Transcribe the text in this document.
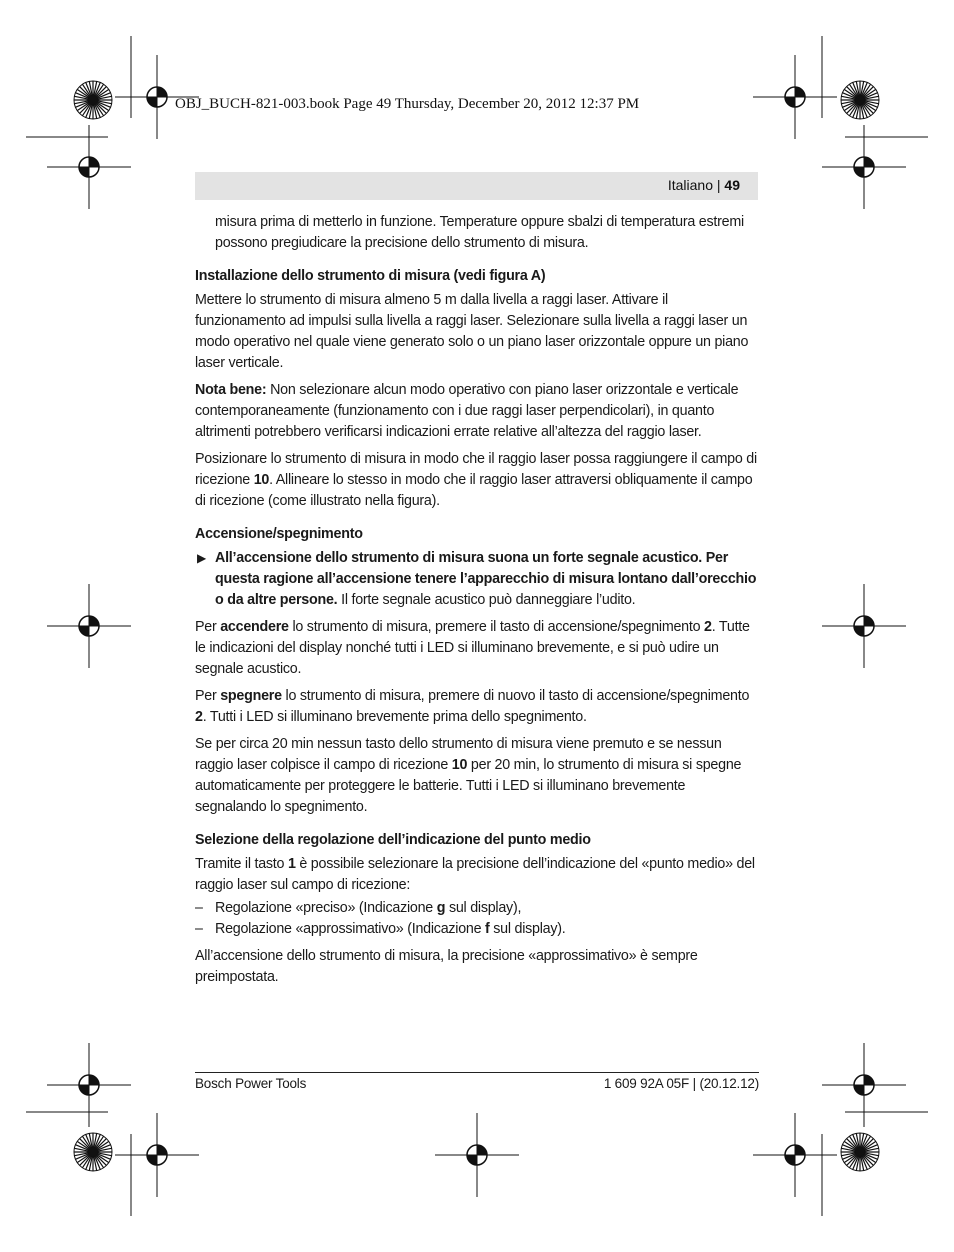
OBJ_BUCH-821-003.book Page 49 Thursday, December 20, 2012 12:37 PM
Italiano | 49

misura prima di metterlo in funzione. Temperature oppure sbalzi di temperatura estremi possono pregiudicare la precisione dello strumento di misura.

Installazione dello strumento di misura (vedi figura A)

Mettere lo strumento di misura almeno 5 m dalla livella a raggi laser. Attivare il funzionamento ad impulsi sulla livella a raggi laser. Selezionare sulla livella a raggi laser un modo operativo nel quale viene generato solo o un piano laser orizzontale oppure un piano laser verticale.

Nota bene: Non selezionare alcun modo operativo con piano laser orizzontale e verticale contemporaneamente (funzionamento con i due raggi laser perpendicolari), in quanto altrimenti potrebbero verificarsi indicazioni errate relative all’altezza del raggio laser.

Posizionare lo strumento di misura in modo che il raggio laser possa raggiungere il campo di ricezione 10. Allineare lo stesso in modo che il raggio laser attraversi obliquamente il campo di ricezione (come illustrato nella figura).

Accensione/spegnimento
▶ All’accensione dello strumento di misura suona un forte segnale acustico. Per questa ragione all’accensione tenere l’apparecchio di misura lontano dall’orecchio o da altre persone. Il forte segnale acustico può danneggiare l’udito.

Per accendere lo strumento di misura, premere il tasto di accensione/spegnimento 2. Tutte le indicazioni del display nonché tutti i LED si illuminano brevemente, e si può udire un segnale acustico.

Per spegnere lo strumento di misura, premere di nuovo il tasto di accensione/spegnimento 2. Tutti i LED si illuminano brevemente prima dello spegnimento.

Se per circa 20 min nessun tasto dello strumento di misura viene premuto e se nessun raggio laser colpisce il campo di ricezione 10 per 20 min, lo strumento di misura si spegne automaticamente per proteggere le batterie. Tutti i LED si illuminano brevemente segnalando lo spegnimento.

Selezione della regolazione dell’indicazione del punto medio

Tramite il tasto 1 è possibile selezionare la precisione dell’indicazione del «punto medio» del raggio laser sul campo di ricezione:

– Regolazione «preciso» (Indicazione g sul display),
– Regolazione «approssimativo» (Indicazione f sul display).

All’accensione dello strumento di misura, la precisione «approssimativo» è sempre preimpostata.

Bosch Power Tools	1 609 92A 05F | (20.12.12)
